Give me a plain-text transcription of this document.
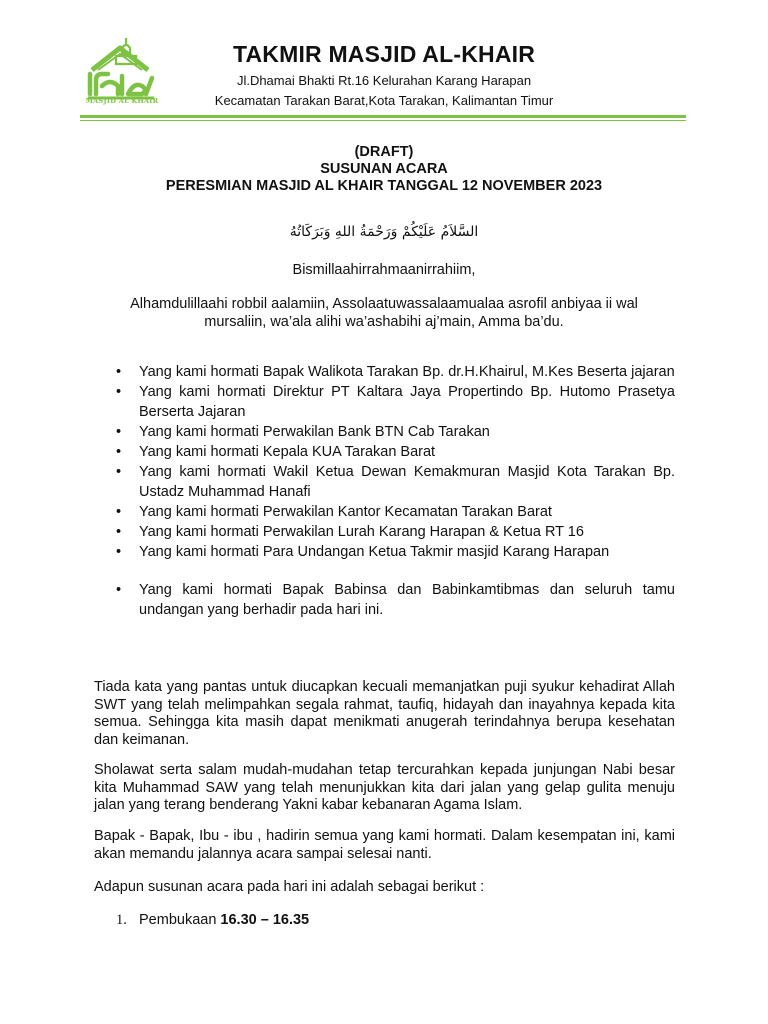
MASJID AL KHAIR
TAKMIR MASJID AL-KHAIR
Jl.Dhamai Bhakti Rt.16 Kelurahan Karang Harapan
Kecamatan Tarakan Barat,Kota Tarakan, Kalimantan Timur
(DRAFT)
SUSUNAN ACARA
PERESMIAN MASJID AL KHAIR TANGGAL 12 NOVEMBER 2023
السَّلاَمُ عَلَيْكُمْ وَرَحْمَةُ اللهِ وَبَرَكَاتُهُ
Bismillaahirrahmaanirrahiim,
Alhamdulillaahi robbil aalamiin, Assolaatuwassalaamualaa asrofil anbiyaa ii wal
mursaliin, wa’ala alihi wa’ashabihi aj’main, Amma ba’du.
• Yang kami hormati Bapak Walikota Tarakan Bp. dr.H.Khairul, M.Kes Beserta jajaran
• Yang kami hormati Direktur PT Kaltara Jaya Propertindo Bp. Hutomo Prasetya Berserta Jajaran
• Yang kami hormati Perwakilan Bank BTN Cab Tarakan
• Yang kami hormati Kepala KUA Tarakan Barat
• Yang kami hormati Wakil Ketua Dewan Kemakmuran Masjid Kota Tarakan Bp. Ustadz Muhammad Hanafi
• Yang kami hormati Perwakilan Kantor Kecamatan Tarakan Barat
• Yang kami hormati Perwakilan Lurah Karang Harapan & Ketua RT 16
• Yang kami hormati Para Undangan Ketua Takmir masjid Karang Harapan
• Yang kami hormati Bapak Babinsa dan Babinkamtibmas dan seluruh tamu undangan yang berhadir pada hari ini.
Tiada kata yang pantas untuk diucapkan kecuali memanjatkan puji syukur kehadirat Allah SWT yang telah melimpahkan segala rahmat, taufiq, hidayah dan inayahnya kepada kita semua. Sehingga kita masih dapat menikmati anugerah terindahnya berupa kesehatan dan keimanan.
Sholawat serta salam mudah-mudahan tetap tercurahkan kepada junjungan Nabi besar kita Muhammad SAW yang telah menunjukkan kita dari jalan yang gelap gulita menuju jalan yang terang benderang Yakni kabar kebanaran Agama Islam.
Bapak - Bapak, Ibu - ibu , hadirin semua yang kami hormati. Dalam kesempatan ini, kami akan memandu jalannya acara sampai selesai nanti.
Adapun susunan acara pada hari ini adalah sebagai berikut :
1. Pembukaan 16.30 – 16.35
